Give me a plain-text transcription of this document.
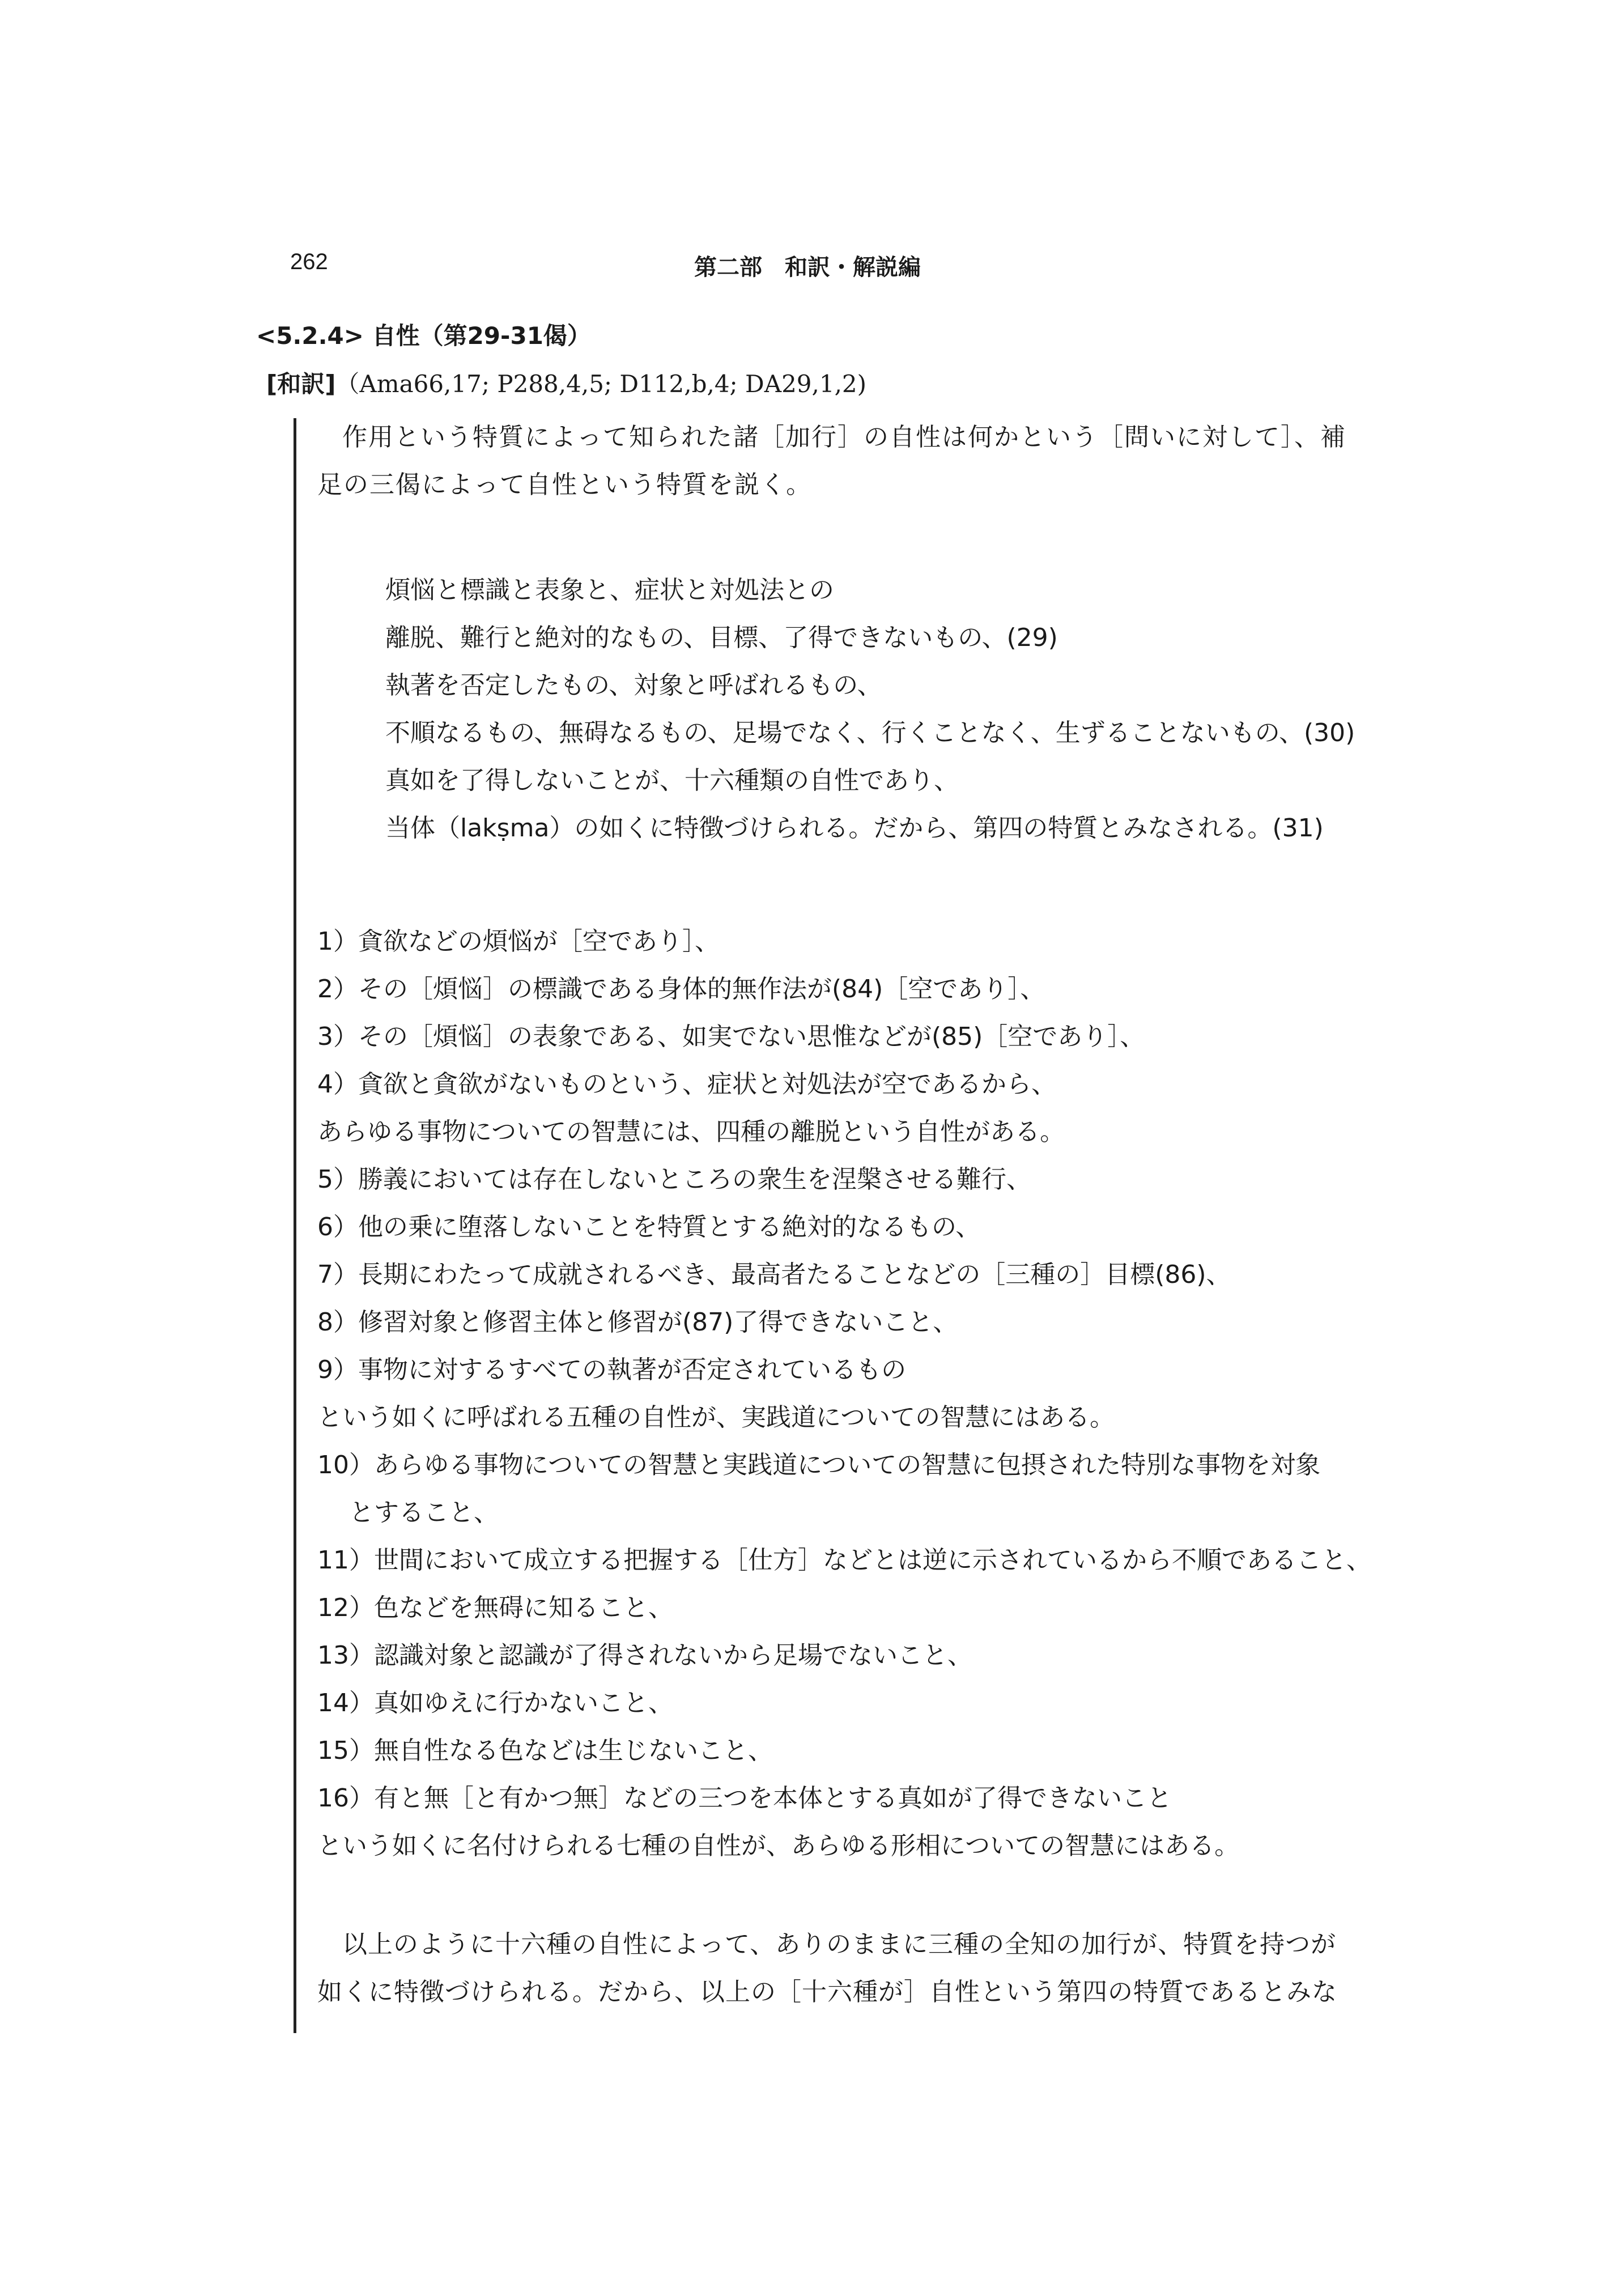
262	第二部　和訳・解説編
<5.2.4> 自性（第29-31偈）
[和訳]（Ama66,17; P288,4,5; D112,b,4; DA29,1,2)

作用という特質によって知られた諸［加行］の自性は何かという［問いに対して］、補

足の三偈によって自性という特質を説く。

煩悩と標識と表象と、症状と対処法との

離脱、難行と絶対的なもの、目標、了得できないもの、(29)

執著を否定したもの、対象と呼ばれるもの、

不順なるもの、無碍なるもの、足場でなく、行くことなく、生ずることないもの、(30)

真如を了得しないことが、十六種類の自性であり、

当体（lakṣma）の如くに特徴づけられる。だから、第四の特質とみなされる。(31)

1）貪欲などの煩悩が［空であり］、

2）その［煩悩］の標識である身体的無作法が(84)［空であり］、

3）その［煩悩］の表象である、如実でない思惟などが(85)［空であり］、

4）貪欲と貪欲がないものという、症状と対処法が空であるから、

あらゆる事物についての智慧には、四種の離脱という自性がある。

5）勝義においては存在しないところの衆生を涅槃させる難行、

6）他の乗に堕落しないことを特質とする絶対的なるもの、

7）長期にわたって成就されるべき、最高者たることなどの［三種の］目標(86)、

8）修習対象と修習主体と修習が(87)了得できないこと、

9）事物に対するすべての執著が否定されているもの

という如くに呼ばれる五種の自性が、実践道についての智慧にはある。

10）あらゆる事物についての智慧と実践道についての智慧に包摂された特別な事物を対象

とすること、

11）世間において成立する把握する［仕方］などとは逆に示されているから不順であること、

12）色などを無碍に知ること、

13）認識対象と認識が了得されないから足場でないこと、

14）真如ゆえに行かないこと、

15）無自性なる色などは生じないこと、

16）有と無［と有かつ無］などの三つを本体とする真如が了得できないこと

という如くに名付けられる七種の自性が、あらゆる形相についての智慧にはある。

以上のように十六種の自性によって、ありのままに三種の全知の加行が、特質を持つが

如くに特徴づけられる。だから、以上の［十六種が］自性という第四の特質であるとみな
